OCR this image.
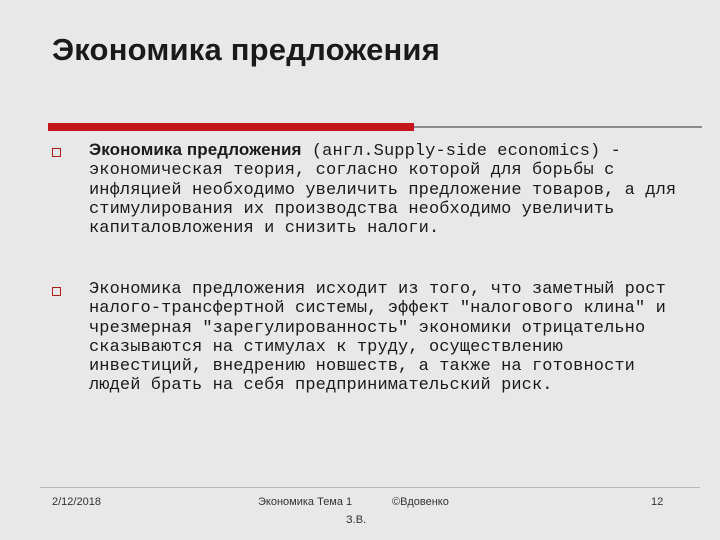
Экономика предложения
Экономика предложения (англ.Supply-side economics) - экономическая теория, согласно которой для борьбы с инфляцией необходимо увеличить предложение товаров, а для стимулирования их производства необходимо увеличить капиталовложения и снизить налоги.
Экономика предложения исходит из того, что заметный рост налого-трансфертной системы, эффект "налогового клина" и чрезмерная "зарегулированность" экономики отрицательно сказываются на стимулах к труду, осуществлению инвестиций, внедрению новшеств, а также на готовности людей брать на себя предпринимательский риск.
2/12/2018	Экономика Тема 1	©Вдовенко
З.В.
12
